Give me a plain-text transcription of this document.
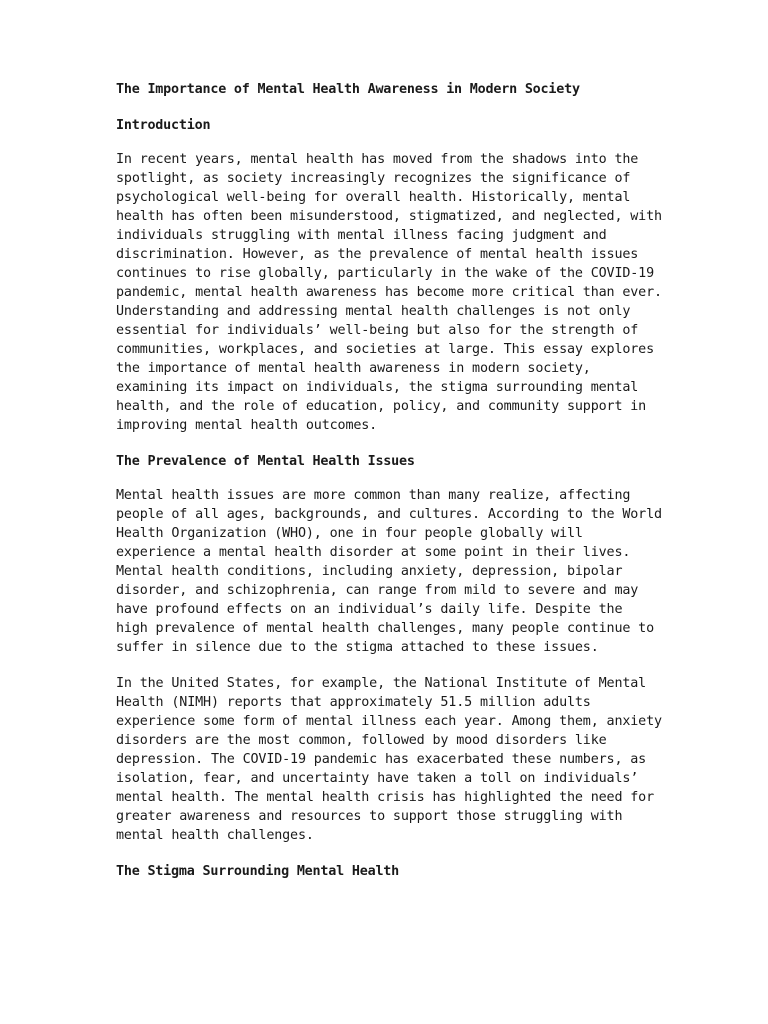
The Importance of Mental Health Awareness in Modern Society
Introduction

In recent years, mental health has moved from the shadows into the
spotlight, as society increasingly recognizes the significance of
psychological well-being for overall health. Historically, mental
health has often been misunderstood, stigmatized, and neglected, with
individuals struggling with mental illness facing judgment and
discrimination. However, as the prevalence of mental health issues
continues to rise globally, particularly in the wake of the COVID-19
pandemic, mental health awareness has become more critical than ever.
Understanding and addressing mental health challenges is not only
essential for individuals’ well-being but also for the strength of
communities, workplaces, and societies at large. This essay explores
the importance of mental health awareness in modern society,
examining its impact on individuals, the stigma surrounding mental
health, and the role of education, policy, and community support in
improving mental health outcomes.

The Prevalence of Mental Health Issues

Mental health issues are more common than many realize, affecting
people of all ages, backgrounds, and cultures. According to the World
Health Organization (WHO), one in four people globally will
experience a mental health disorder at some point in their lives.
Mental health conditions, including anxiety, depression, bipolar
disorder, and schizophrenia, can range from mild to severe and may
have profound effects on an individual’s daily life. Despite the
high prevalence of mental health challenges, many people continue to
suffer in silence due to the stigma attached to these issues.

In the United States, for example, the National Institute of Mental
Health (NIMH) reports that approximately 51.5 million adults
experience some form of mental illness each year. Among them, anxiety
disorders are the most common, followed by mood disorders like
depression. The COVID-19 pandemic has exacerbated these numbers, as
isolation, fear, and uncertainty have taken a toll on individuals’
mental health. The mental health crisis has highlighted the need for
greater awareness and resources to support those struggling with
mental health challenges.

The Stigma Surrounding Mental Health
